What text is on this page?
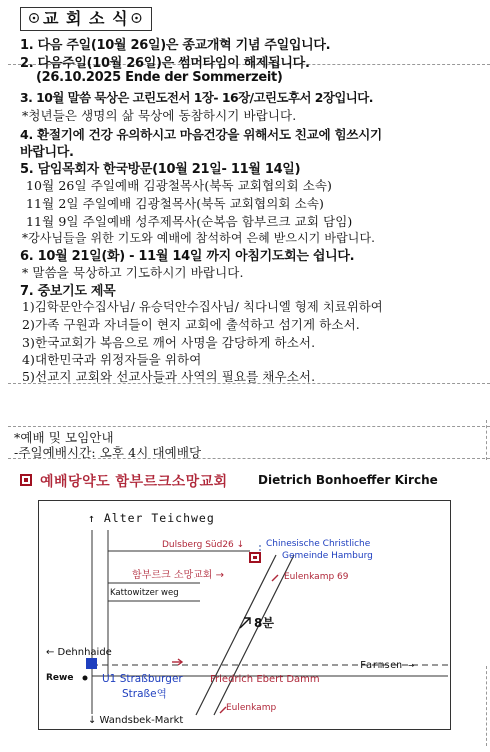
☉교 회 소 식☉
1. 다음 주일(10월 26일)은 종교개혁 기념 주일입니다.
2. 다음주일(10월 26일)은 썸머타임이 해제됩니다.
(26.10.2025 Ende der Sommerzeit)
3. 10월 말씀 묵상은 고린도전서 1장- 16장/고린도후서 2장입니다.
*청년들은 생명의 삶 묵상에 동참하시기 바랍니다.
4. 환절기에 건강 유의하시고 마음건강을 위해서도 친교에 힘쓰시기
바랍니다.
5. 담임목회자 한국방문(10월 21일- 11월 14일)
10월 26일 주일예배 김광철목사(북독 교회협의회 소속)
11월 2일 주일예배 김광철목사(북독 교회협의회 소속)
11월 9일 주일예배 성주제목사(순복음 함부르크 교회 담임)
*강사님들을 위한 기도와 예배에 참석하여 은혜 받으시기 바랍니다.
6. 10월 21일(화) - 11월 14일 까지 아침기도회는 쉽니다.
* 말씀을 묵상하고 기도하시기 바랍니다.
7. 중보기도 제목
1)김학문안수집사님/ 유승덕안수집사님/ 칙다니엘 형제 치료위하여
2)가족 구원과 자녀들이 현지 교회에 출석하고 섬기게 하소서.
3)한국교회가 복음으로 깨어 사명을 감당하게 하소서.
4)대한민국과 위정자들을 위하여
5)선교지 교회와 선교사들과 사역의 필요를 채우소서.
*예배 및 모임안내
-주일예배시간: 오후 4시 대예배당
예배당약도 함부르크소망교회	Dietrich Bonhoeffer Kirche
↑ Alter Teichweg
Dulsberg Süd26 ↓ Chinesische Christliche
Gemeinde Hamburg
함부르크 소망교회 →	Eulenkamp 69
Kattowitzer weg
8분
← Dehnhaide
Farmsen →
Rewe	U1 Straßburger
Straße역
Friedrich Ebert Damm
Eulenkamp
↓ Wandsbek-Markt
